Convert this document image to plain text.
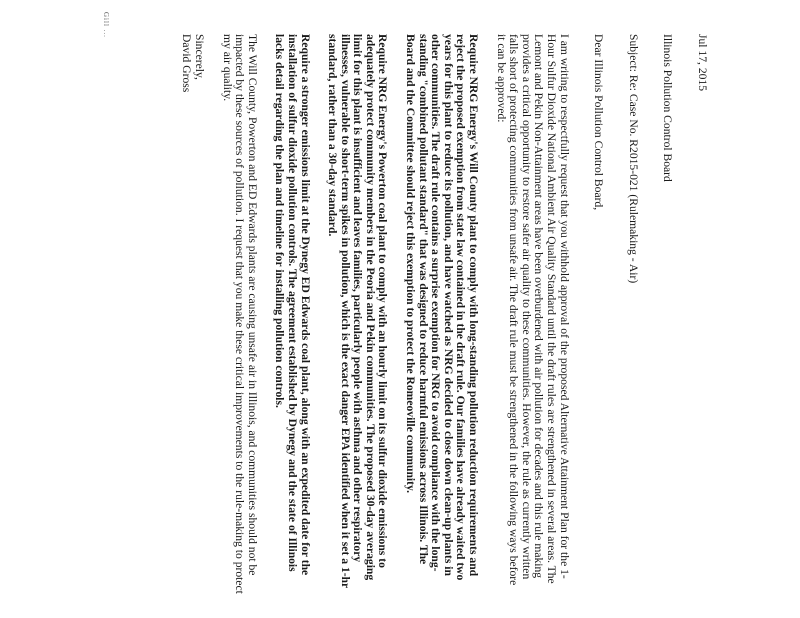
Jul 17, 2015

Illinois Pollution Control Board

Subject: Re: Case No. R2015-021 (Rulemaking - Air)

Dear Illinois Pollution Control Board,

I am writing to respectfully request that you withhold approval of the proposed Alternative Attainment Plan for the 1-Hour Sulfur Dioxide National Ambient Air Quality Standard until the draft rules are strengthened in several areas. The Lemont and Pekin Non-Attainment areas have been overburdened with air pollution for decades and this rule making provides a critical opportunity to restore safer air quality to these communities. However, the rule as currently written falls short of protecting communities from unsafe air. The draft rule must be strengthened in the following ways before it can be approved:

Require NRG Energy's Will County plant to comply with long-standing pollution reduction requirements and reject the proposed exemption from state law contained in the draft rule. Our families have already waited two years for this plant to reduce its pollution, and have watched as NRG decided to close down clean-up plants in other communities. The draft rule contains a surprise exemption for NRG to avoid compliance with the long-standing "combined pollutant standard" that was designed to reduce harmful emissions across Illinois. The Board and the Committee should reject this exemption to protect the Romeoville community.

Require NRG Energy's Powerton coal plant to comply with an hourly limit on its sulfur dioxide emissions to adequately protect community members in the Peoria and Pekin communities. The proposed 30-day averaging limit for this plant is insufficient and leaves families, particularly people with asthma and other respiratory illnesses, vulnerable to short-term spikes in pollution, which is the exact danger EPA identified when it set a 1-hr standard, rather than a 30-day standard.

Require a stronger emissions limit at the Dynegy ED Edwards coal plant, along with an expedited date for the installation of sulfur dioxide pollution controls. The agreement established by Dynegy and the state of Illinois lacks detail regarding the plan and timeline for installing pollution controls.

The Will County, Powerton and ED Edwards plants are causing unsafe air in Illinois, and communities should not be impacted by these sources of pollution. I request that you make these critical improvements to the rule-making to protect my air quality.

Sincerely,

David Gross

Gill ...
